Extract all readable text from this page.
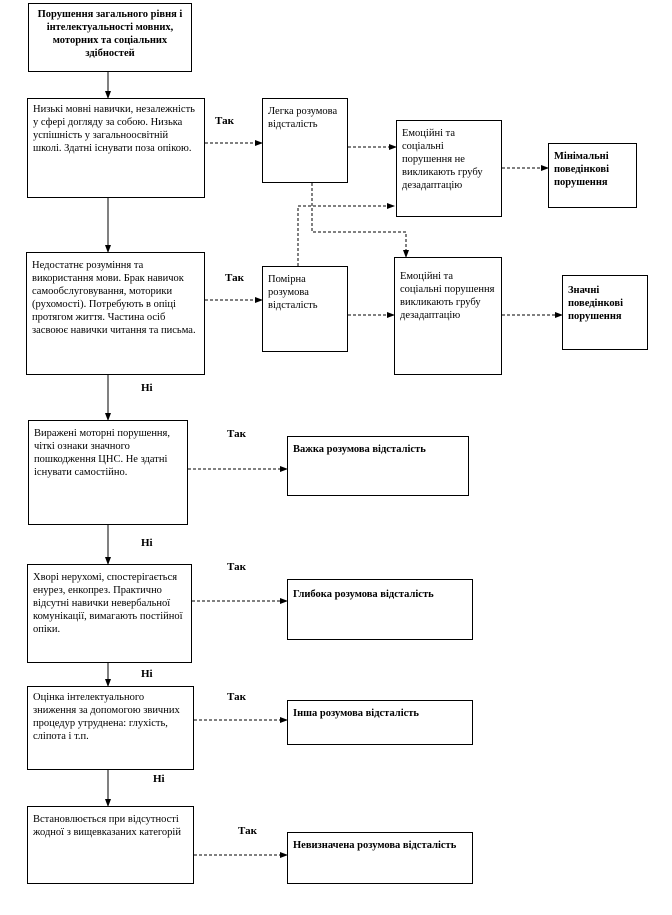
Порушення загального рівня і інтелектуальності мовних, моторних та соціальних здібностей
Низькі мовні навички, незалежність у сфері догляду за собою. Низька успішність у загальноосвітній школі. Здатні існувати поза опікою.
Недостатнє розуміння та використання мови. Брак навичок самообслуговування, моторики (рухомості). Потребують в опіці протягом життя. Частина осіб засвоює навички читання та письма.
Виражені моторні порушення, чіткі ознаки значного пошкодження ЦНС. Не здатні існувати самостійно.
Хворі нерухомі, спостерігається енурез, енкопрез. Практично відсутні навички невербальної комунікації, вимагають постійної опіки.
Оцінка інтелектуального зниження за допомогою звичних процедур утруднена: глухість, сліпота і т.п.
Встановлюється при відсутності жодної з вищевказаних категорій
Легка розумова відсталість
Помірна розумова відсталість
Важка розумова відсталість
Глибока розумова відсталість
Інша розумова відсталість
Невизначена розумова відсталість
Емоційні та соціальні порушення не викликають грубу дезадаптацію
Емоційні та соціальні порушення викликають грубу дезадаптацію
Мінімальні поведінкові порушення
Значні поведінкові порушення
Так
Так
Так
Так
Так
Так
Ні
Ні
Ні
Ні
